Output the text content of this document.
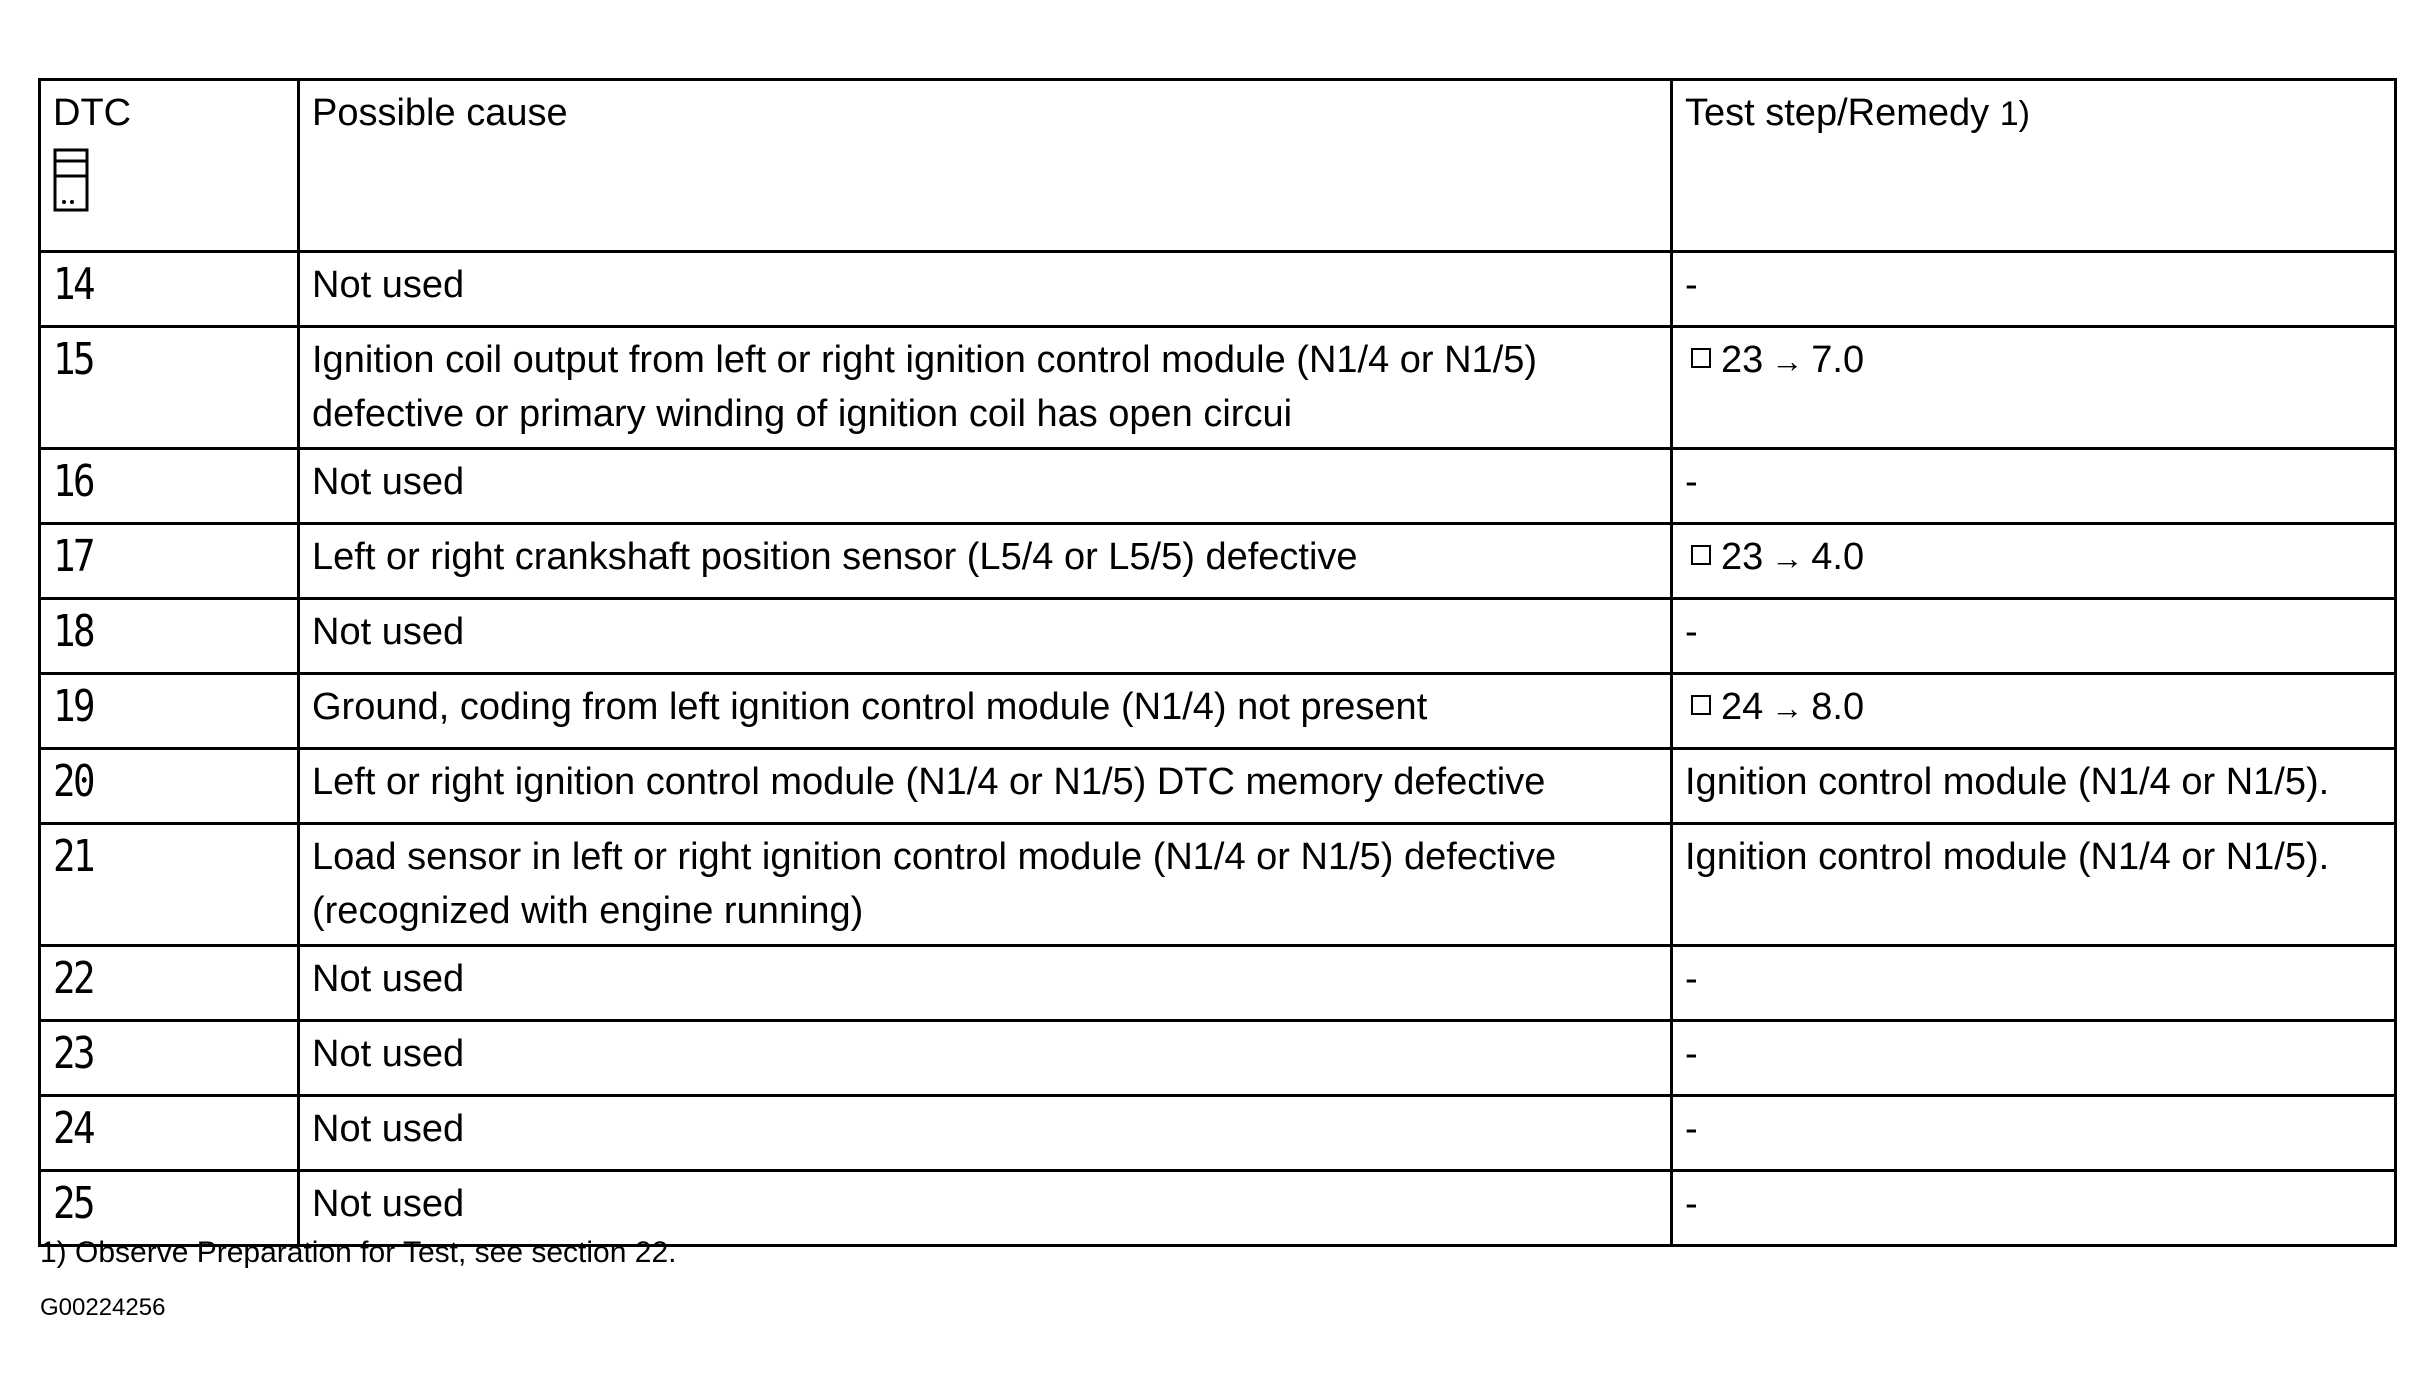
DTC	Possible cause	Test step/Remedy 1)
14	Not used	-
15	Ignition coil output from left or right ignition control module (N1/4 or N1/5) defective or primary winding of ignition coil has open circui	23 → 7.0
16	Not used	-
17	Left or right crankshaft position sensor (L5/4 or L5/5) defective	23 → 4.0
18	Not used	-
19	Ground, coding from left ignition control module (N1/4) not present	24 → 8.0
20	Left or right ignition control module (N1/4 or N1/5) DTC memory defective	Ignition control module (N1/4 or N1/5).
21	Load sensor in left or right ignition control module (N1/4 or N1/5) defective (recognized with engine running)	Ignition control module (N1/4 or N1/5).
22	Not used	-
23	Not used	-
24	Not used	-
25	Not used	-
1) Observe Preparation for Test, see section 22.
G00224256
